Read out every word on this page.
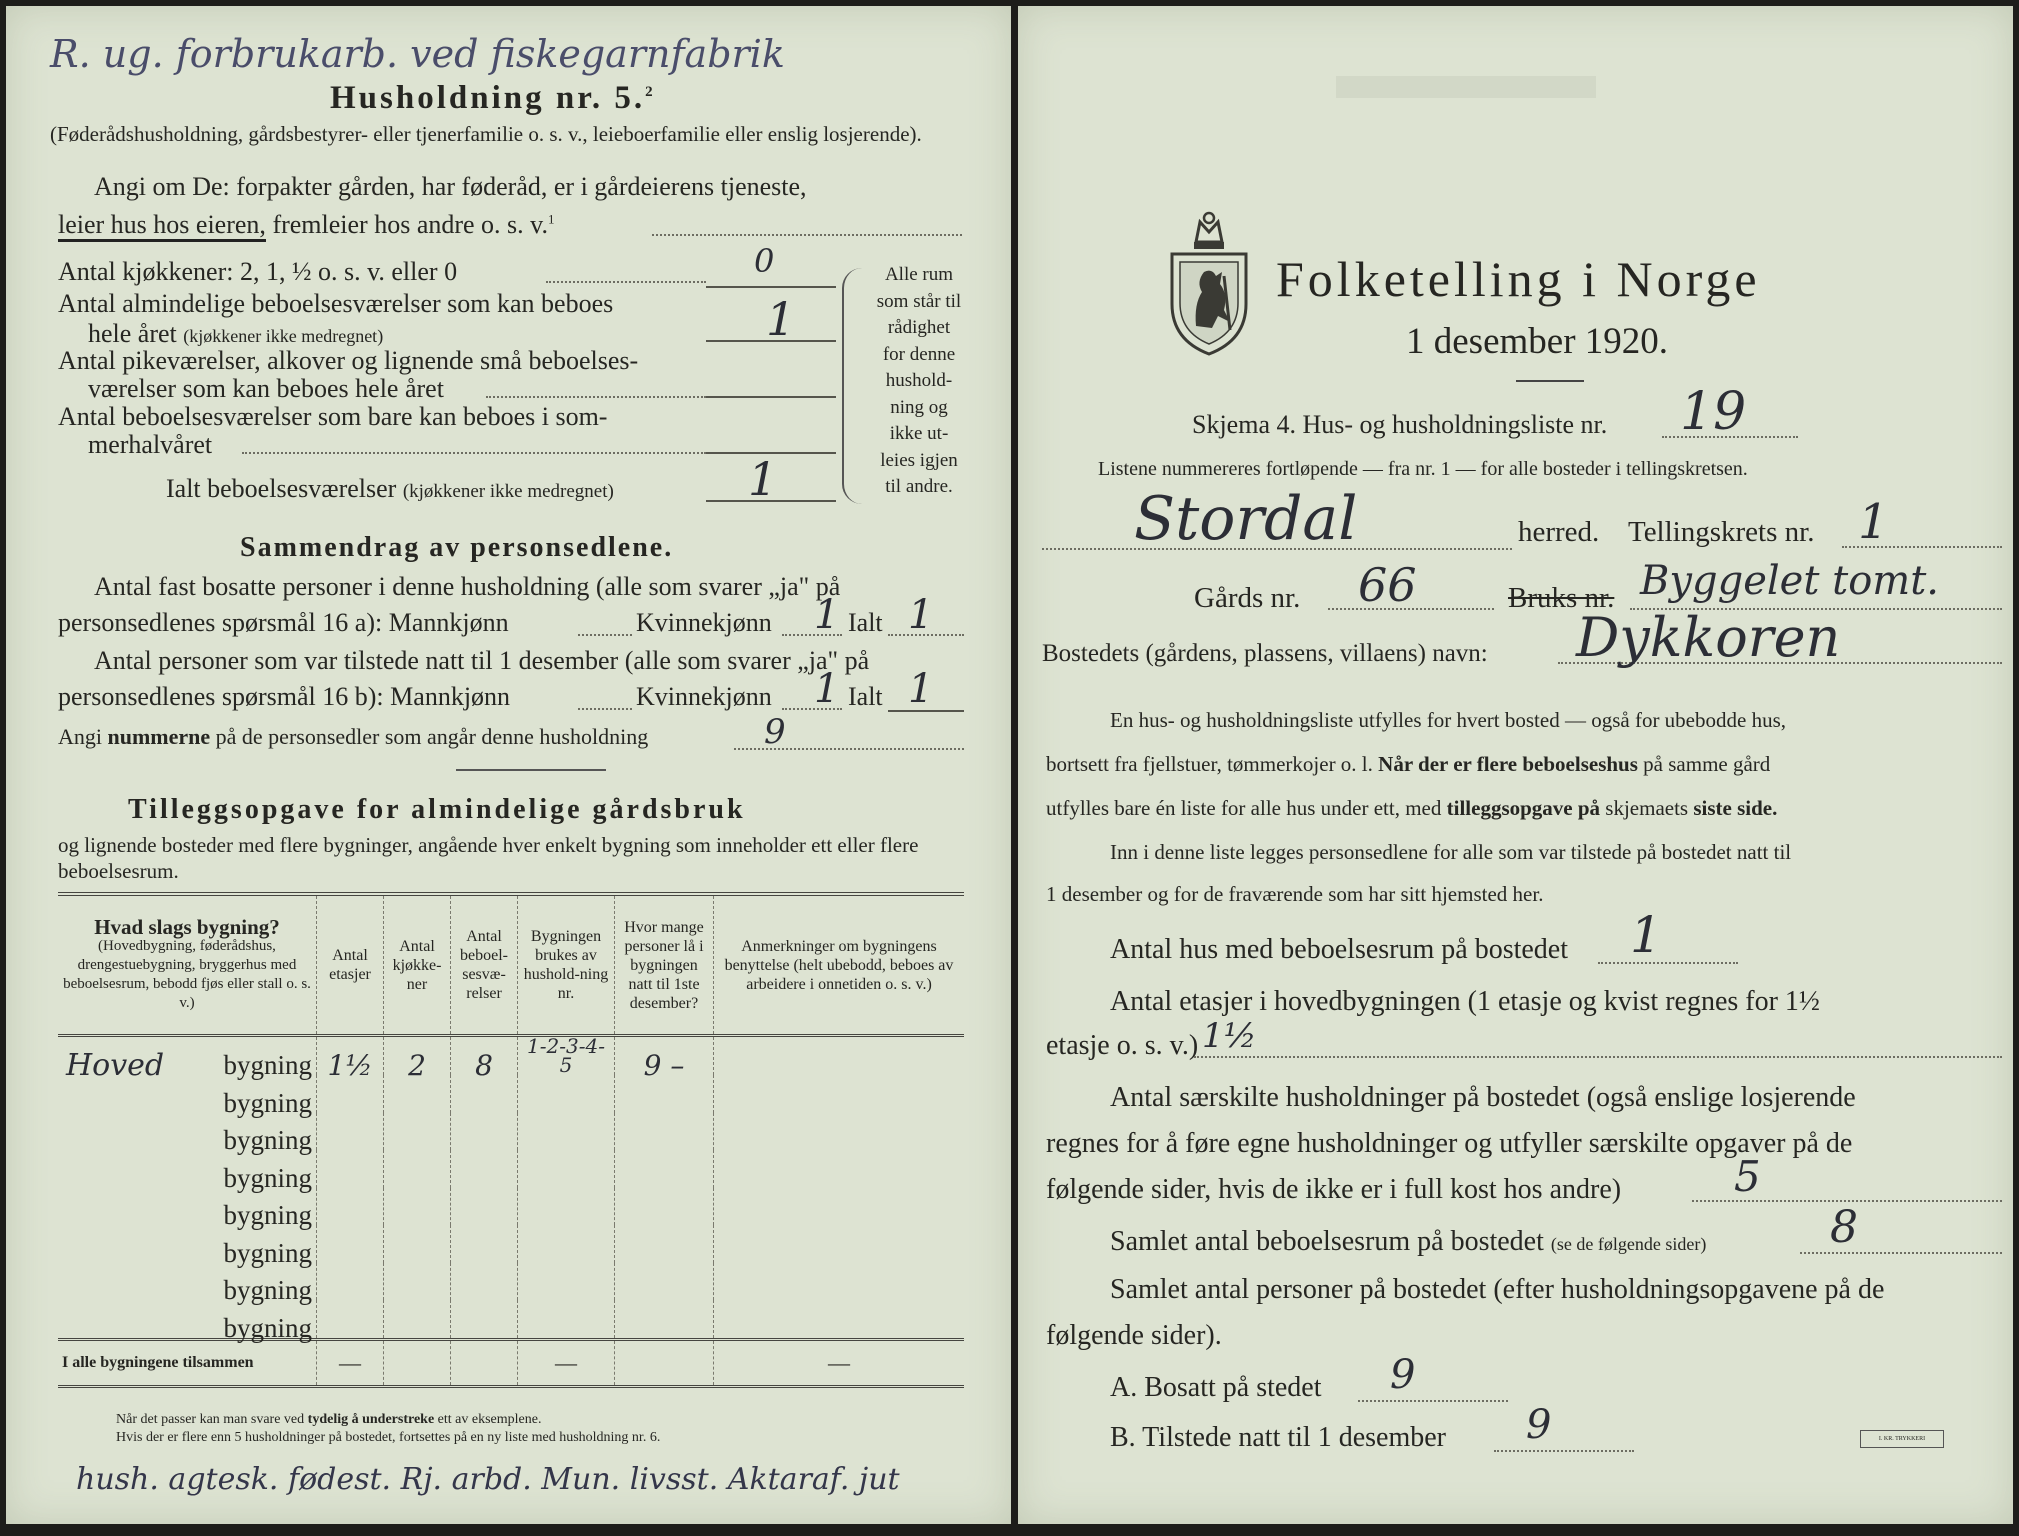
R. ug. forbrukarb. ved fiskegarnfabrik
Husholdning nr. 5.$^2$
(Føderådshusholdning, gårdsbestyrer- eller tjenerfamilie o. s. v., leieboerfamilie eller enslig losjerende).
Angi om De: forpakter gården, har føderåd, er i gårdeierens tjeneste,
leier hus hos eieren, fremleier hos andre o. s. v.$^1$
Antal kjøkkener: 2, 1, ½ o. s. v. eller 0	0
Antal almindelige beboelsesværelser som kan beboes
hele året (kjøkkener ikke medregnet)	1
Antal pikeværelser, alkover og lignende små beboelses-
værelser som kan beboes hele året
Antal beboelsesværelser som bare kan beboes i som-
merhalvåret
Ialt beboelsesværelser (kjøkkener ikke medregnet)	1
Alle rum
som står til
rådighet
for denne
hushold-
ning og
ikke ut-
leies igjen
til andre.
Sammendrag av personsedlene.
Antal fast bosatte personer i denne husholdning (alle som svarer „ja" på
personsedlenes spørsmål 16 a): Mannkjønn	Kvinnekjønn 1 Ialt 1
Antal personer som var tilstede natt til 1 desember (alle som svarer „ja" på
personsedlenes spørsmål 16 b): Mannkjønn	Kvinnekjønn 1 Ialt 1
Angi nummerne på de personsedler som angår denne husholdning	9
Tilleggsopgave for almindelige gårdsbruk
og lignende bosteder med flere bygninger, angående hver enkelt bygning som inneholder ett eller flere beboelsesrum.
Hvad slags bygning?
(Hovedbygning, føderådshus, drengestuebygning, bryggerhus med beboelsesrum, bebodd fjøs eller stall o. s. v.)	Antal etasjer	Antal kjøkke-ner	Antal beboel-sesvæ-relser	Bygningen brukes av hushold-ning nr.	Hvor mange personer lå i bygningen natt til 1ste desember?	Anmerkninger om bygningens benyttelse (helt ubebodd, beboes av arbeidere i onnetiden o. s. v.)

Hoved bygning	1½	2	8	1-2-3-4-5	9 –	

bygning						

bygning						

bygning						

bygning						

bygning						

bygning						

bygning						
I alle bygningene tilsammen	—			—		—
Når det passer kan man svare ved tydelig å understreke ett av eksemplene.
Hvis der er flere enn 5 husholdninger på bostedet, fortsettes på en ny liste med husholdning nr. 6.
hush. agtesk. fødest. Rj. arbd. Mun. livsst. Aktaraf. jut
Folketelling i Norge
1 desember 1920.
Skjema 4. Hus- og husholdningsliste nr. 19
Listene nummereres fortløpende — fra nr. 1 — for alle bosteder i tellingskretsen.
Stordal	herred. Tellingskrets nr. 1
Gårds nr. 66	Bruks nr. Byggelet tomt.
Bostedets (gårdens, plassens, villaens) navn: Dykkoren
En hus- og husholdningsliste utfylles for hvert bosted — også for ubebodde hus,
bortsett fra fjellstuer, tømmerkojer o. l. Når der er flere beboelseshus på samme gård
utfylles bare én liste for alle hus under ett, med tilleggsopgave på skjemaets siste side.
Inn i denne liste legges personsedlene for alle som var tilstede på bostedet natt til
1 desember og for de fraværende som har sitt hjemsted her.
Antal hus med beboelsesrum på bostedet 1
Antal etasjer i hovedbygningen (1 etasje og kvist regnes for 1½
etasje o. s. v.) 1½
Antal særskilte husholdninger på bostedet (også enslige losjerende
regnes for å føre egne husholdninger og utfyller særskilte opgaver på de
følgende sider, hvis de ikke er i full kost hos andre)	5
Samlet antal beboelsesrum på bostedet (se de følgende sider)	8
Samlet antal personer på bostedet (efter husholdningsopgavene på de
følgende sider).
A. Bosatt på stedet 9
B. Tilstede natt til 1 desember 9	I. KR. TRYKKERI
